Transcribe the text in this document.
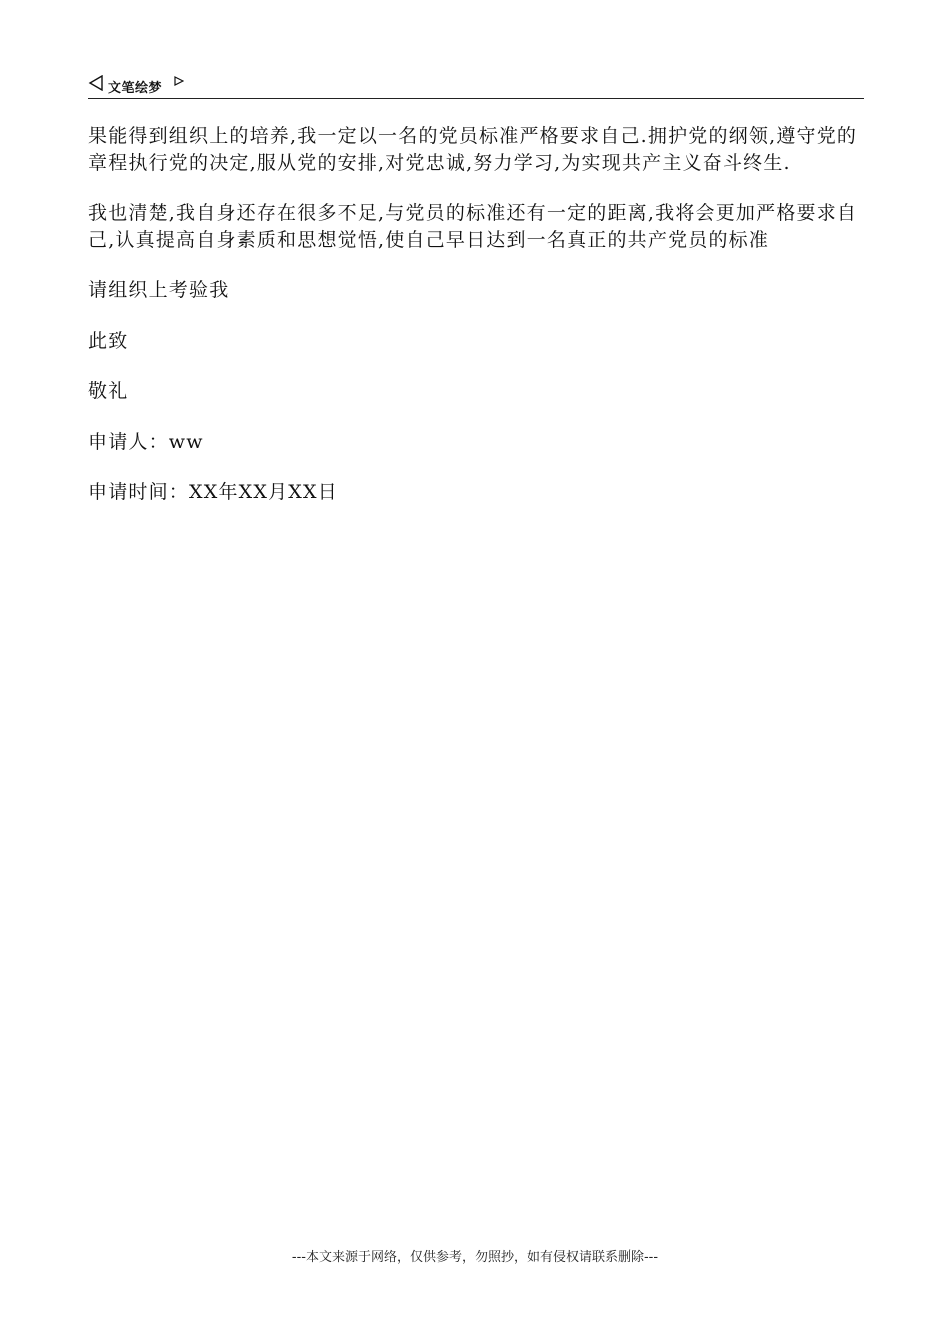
文笔绘梦

果能得到组织上的培养,我一定以一名的党员标准严格要求自己.拥护党的纲领,遵守党的章程执行党的决定,服从党的安排,对党忠诚,努力学习,为实现共产主义奋斗终生.

我也清楚,我自身还存在很多不足,与党员的标准还有一定的距离,我将会更加严格要求自己,认真提高自身素质和思想觉悟,使自己早日达到一名真正的共产党员的标准

请组织上考验我

此致

敬礼

申请人：ww

申请时间：XX年XX月XX日

---本文来源于网络，仅供参考，勿照抄，如有侵权请联系删除---
